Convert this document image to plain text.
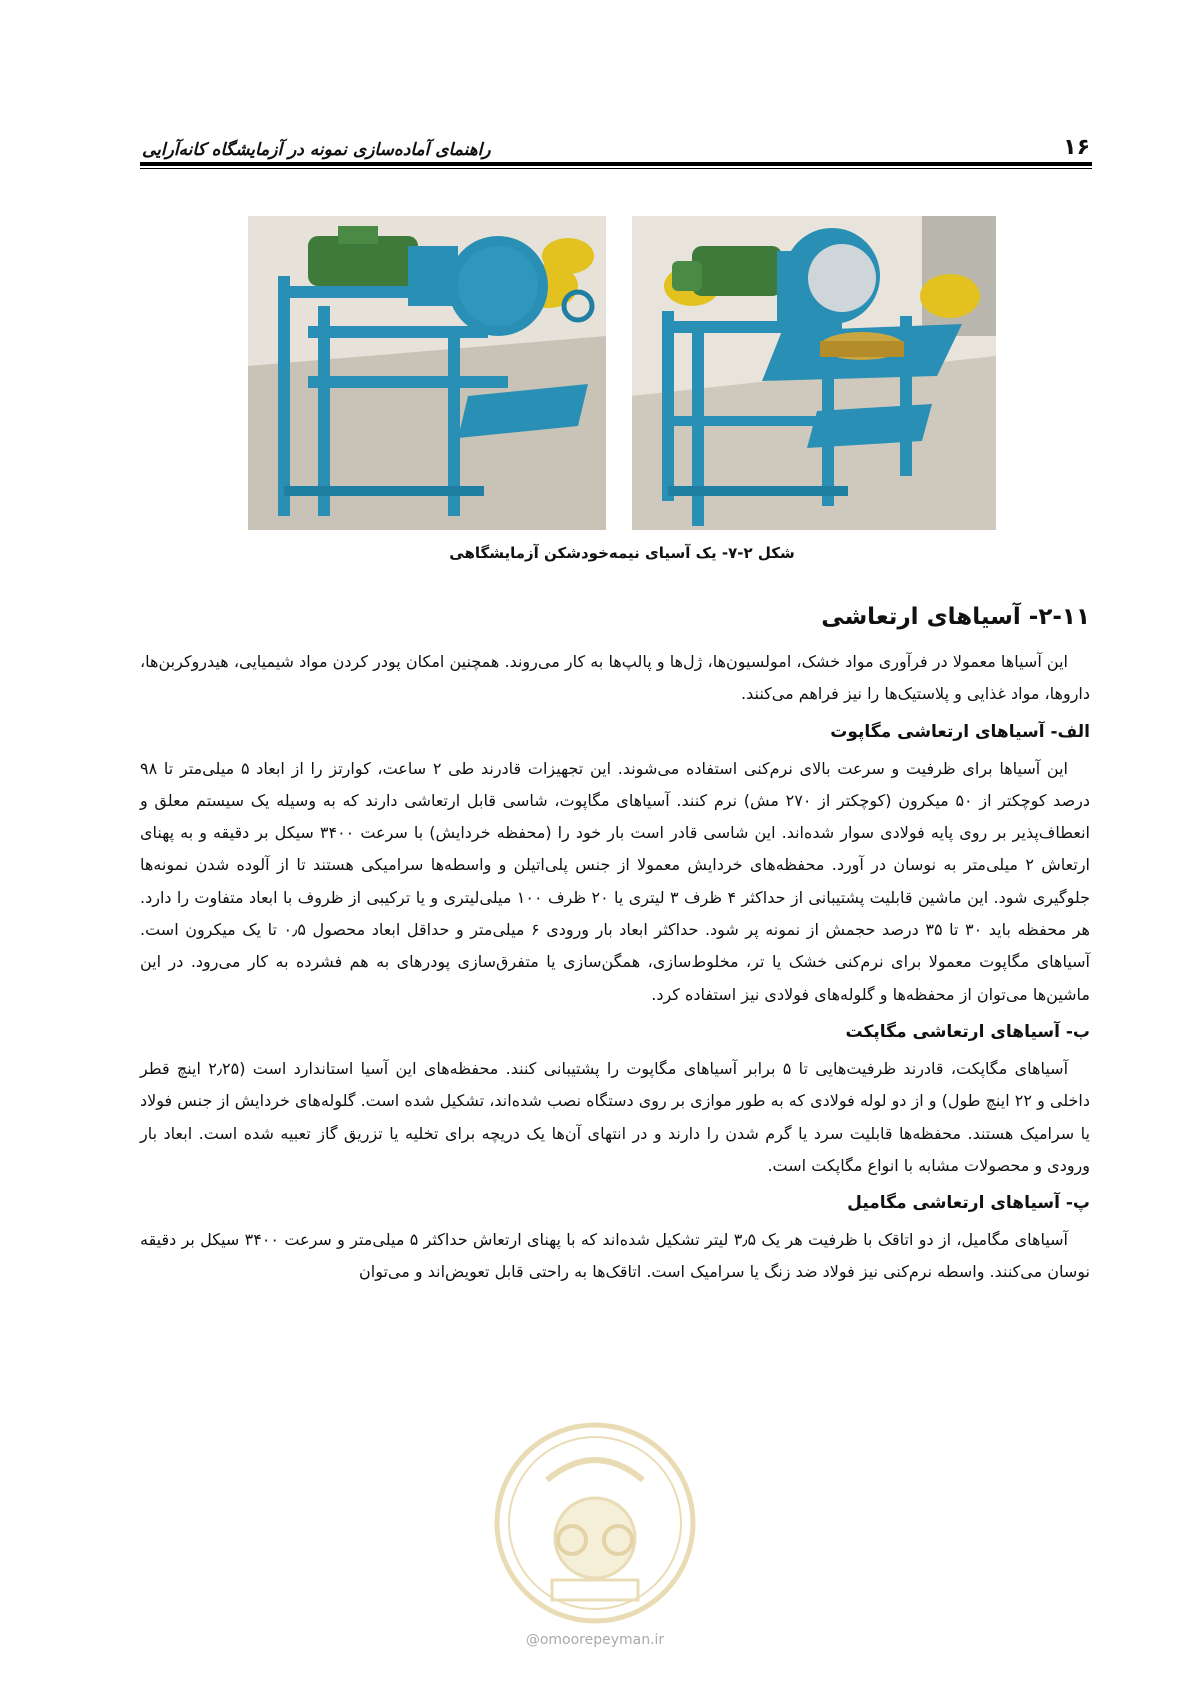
۱۶
راهنمای آماده‌سازی نمونه در آزمایشگاه کانه‌آرایی
شکل ۲-۷- یک آسیای نیمه‌خودشکن آزمایشگاهی
۲-۱۱- آسیاهای ارتعاشی

این آسیاها معمولا در فرآوری مواد خشک، امولسیون‌ها، ژل‌ها و پالپ‌ها به کار می‌روند. همچنین امکان پودر کردن مواد شیمیایی، هیدروکربن‌ها، داروها، مواد غذایی و پلاستیک‌ها را نیز فراهم می‌کنند.

الف- آسیاهای ارتعاشی مگاپوت

این آسیاها برای ظرفیت و سرعت بالای نرم‌کنی استفاده می‌شوند. این تجهیزات قادرند طی ۲ ساعت، کوارتز را از ابعاد ۵ میلی‌متر تا ۹۸ درصد کوچکتر از ۵۰ میکرون (کوچکتر از ۲۷۰ مش) نرم کنند. آسیاهای مگاپوت، شاسی قابل ارتعاشی دارند که به وسیله یک سیستم معلق و انعطاف‌پذیر بر روی پایه فولادی سوار شده‌اند. این شاسی قادر است بار خود را (محفظه خردایش) با سرعت ۳۴۰۰ سیکل بر دقیقه و به پهنای ارتعاش ۲ میلی‌متر به نوسان در آورد. محفظه‌های خردایش معمولا از جنس پلی‌اتیلن و واسطه‌ها سرامیکی هستند تا از آلوده شدن نمونه‌ها جلوگیری شود. این ماشین قابلیت پشتیبانی از حداکثر ۴ ظرف ۳ لیتری یا ۲۰ ظرف ۱۰۰ میلی‌لیتری و یا ترکیبی از ظروف با ابعاد متفاوت را دارد. هر محفظه باید ۳۰ تا ۳۵ درصد حجمش از نمونه پر شود. حداکثر ابعاد بار ورودی ۶ میلی‌متر و حداقل ابعاد محصول ۰٫۵ تا یک میکرون است. آسیاهای مگاپوت معمولا برای نرم‌کنی خشک یا تر، مخلوط‌سازی، همگن‌سازی یا متفرق‌سازی پودرهای به هم فشرده به کار می‌رود. در این ماشین‌ها می‌توان از محفظه‌ها و گلوله‌های فولادی نیز استفاده کرد.

ب- آسیاهای ارتعاشی مگاپکت

آسیاهای مگاپکت، قادرند ظرفیت‌هایی تا ۵ برابر آسیاهای مگاپوت را پشتیبانی کنند. محفظه‌های این آسیا استاندارد است (۲٫۲۵ اینچ قطر داخلی و ۲۲ اینچ طول) و از دو لوله فولادی که به طور موازی بر روی دستگاه نصب شده‌اند، تشکیل شده است. گلوله‌های خردایش از جنس فولاد یا سرامیک هستند. محفظه‌ها قابلیت سرد یا گرم شدن را دارند و در انتهای آن‌ها یک دریچه برای تخلیه یا تزریق گاز تعبیه شده است. ابعاد بار ورودی و محصولات مشابه با انواع مگاپکت است.

پ- آسیاهای ارتعاشی مگامیل

آسیاهای مگامیل، از دو اتاقک با ظرفیت هر یک ۳٫۵ لیتر تشکیل شده‌اند که با پهنای ارتعاش حداکثر ۵ میلی‌متر و سرعت ۳۴۰۰ سیکل بر دقیقه نوسان می‌کنند. واسطه نرم‌کنی نیز فولاد ضد زنگ یا سرامیک است. اتاقک‌ها به راحتی قابل تعویض‌اند و می‌توان

@omoorepeyman.ir
